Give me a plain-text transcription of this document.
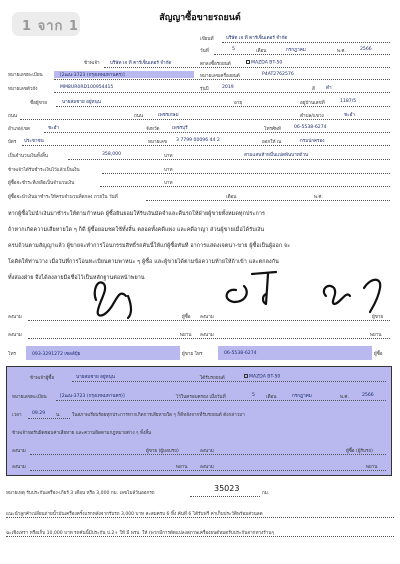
1 จาก 1
สัญญาซื้อขายรถยนต์
เขียนที่	บริษัท เจ ที คาร์เซ็นเตอร์ จำกัด
วันที่	5	เดือน	กรกฎาคม	พ.ศ.	2566
ข้าพเจ้า บริษัท เจ ที คาร์เซ็นเตอร์ จำกัด	ตกลงซื้อรถยนต์	MAZDA BT-50
หมายเลขทะเบียน	[2ฒน-3723 (กรุงเทพมหานคร)]	หมายเลขเครื่องยนต์	P4AT2762576
หมายเลขตัวถัง	MM8UR0RD100954415	รุ่นปี	2019	สี ดำ
ชื่อผู้ขาย	นายสมชาย อยู่หนุน	อายุ	อยู่บ้านเลขที่	1187/5
ถนน	ถนน	เพชรเกษม	ตำบล/แขวง	ชะอำ
อำเภอ/เขต	ชะอำ	จังหวัด	เพชรบุรี	โทรศัพท์	06-5538-6274
บัตร ประชาชน	หมายเลข 3 7799 00096 44 2	ออกให้ ณ	กรมปกครอง
เป็นจำนวนเงินทั้งสิ้น	358,000	บาท	สามแสนห้าหมื่นแปดพันบาทถ้วน
ข้าพเจ้าได้รับชำระเงินไว้แล้วเป็นเงิน	บาท
ผู้ซื้อจะชำระที่เหลือเป็นจำนวนเงิน	บาท
ผู้ซื้อจะนำเงินมาชำระให้ครบจำนวนที่ตกลง ภายใน วันที่	เดือน	พ.ศ.
หากผู้ซื้อไม่นำเงินมาชำระให้ตามกำหนด ผู้ซื้อยินยอมให้ริบเงินมัดจำและคืนรถให้ฝ่ายผู้ขายทั้งหมดทุกประการ
ถ้าหากเกิดความเสียหายใด ๆ ก็ดี ผู้ซื้อยอมชดใช้ทั้งสิ้น ตลอดทั้งคดีแพ่ง และคดีอาญา ส่วนผู้ขายเมื่อได้รับเงิน
ครบถ้วนตามสัญญาแล้ว ผู้ขายจะทำการโอนกรรมสิทธิ์รถคันนี้ให้แก่ผู้ซื้อทันที อาการแสดงเจตนา-ขาย ผู้ซื้อเป็นผู้ออก จะ
โดดิตให้ท่านว่าง เมื่อวันที่การโอนทะเบียนตามพาหนะ ๆ ผู้ซื้อ และผู้ขายได้ตามข้อความท้ายให้ถ้าเข้า และตกลงกัน
ทั้งสองฝ่าย จึงได้ลงลายมือชื่อไว้เป็นหลักฐานต่อหน้าพยาน
ลงนาม	ผู้ซื้อ ลงนาม	ผู้ขาย
ลงนาม	พยาน ลงนาม	พยาน
โทร	093-3291272 เซลล์ปุ้ย	ผู้ขาย โทร	06-5538-6274	ผู้ซื้อ
ข้าพเจ้าผู้ซื้อ	นายสมชาย อยู่หนุน	ได้รับรถยนต์	MAZDA BT-50
หมายเลขทะเบียน	[2ฒน-3723 (กรุงเทพมหานคร)]	ไว้ในครอบครอง เมื่อวันที่	5 เดือน	กรกฎาคม	พ.ศ.	2566
เวลา 09.29 น. ในสภาพเรียบร้อยทุกประการหากเกิดการเสียหายใด ๆ ก็ดีหลังจากที่รับรถยนต์ ดังกล่าวมา
ข้าพเจ้าขอรับผิดชอบค่าเสียหาย และความผิดตามกฎหมายต่าง ๆ ทั้งสิ้น
ลงนาม	ผู้ขาย (ผู้มอบรถ)	ลงนาม	ผู้ซื้อ (ผู้รับรถ)
ลงนาม	พยาน	ลงนาม	พยาน
หมายเหตุ รับประกันเครื่อง-เกียร์ 3 เดือน หรือ 3,000 กม. เลขไมล์วันออกรถ
35023
กม.
แนะนำลูกค้าเปลี่ยนถ่ายน้ำมันเครื่องครั้งแรกหลังจากรับรถ 3,000 บาท สะสมครบ 6 ทิ้ง คันที่ 6 ได้รับฟรี ค่าเก็บประวัติพร้อมส่วนลด
ฉะเชิงเทรา หรือเก็บ 10,000 บาท รถคันนี้มีประกัน ป.2+ ให้ มี พรบ. ให้ (พากมีการตัดแปลงสภาพเครื่องยนต์หมดรับประกันจากทางร้านๆ
